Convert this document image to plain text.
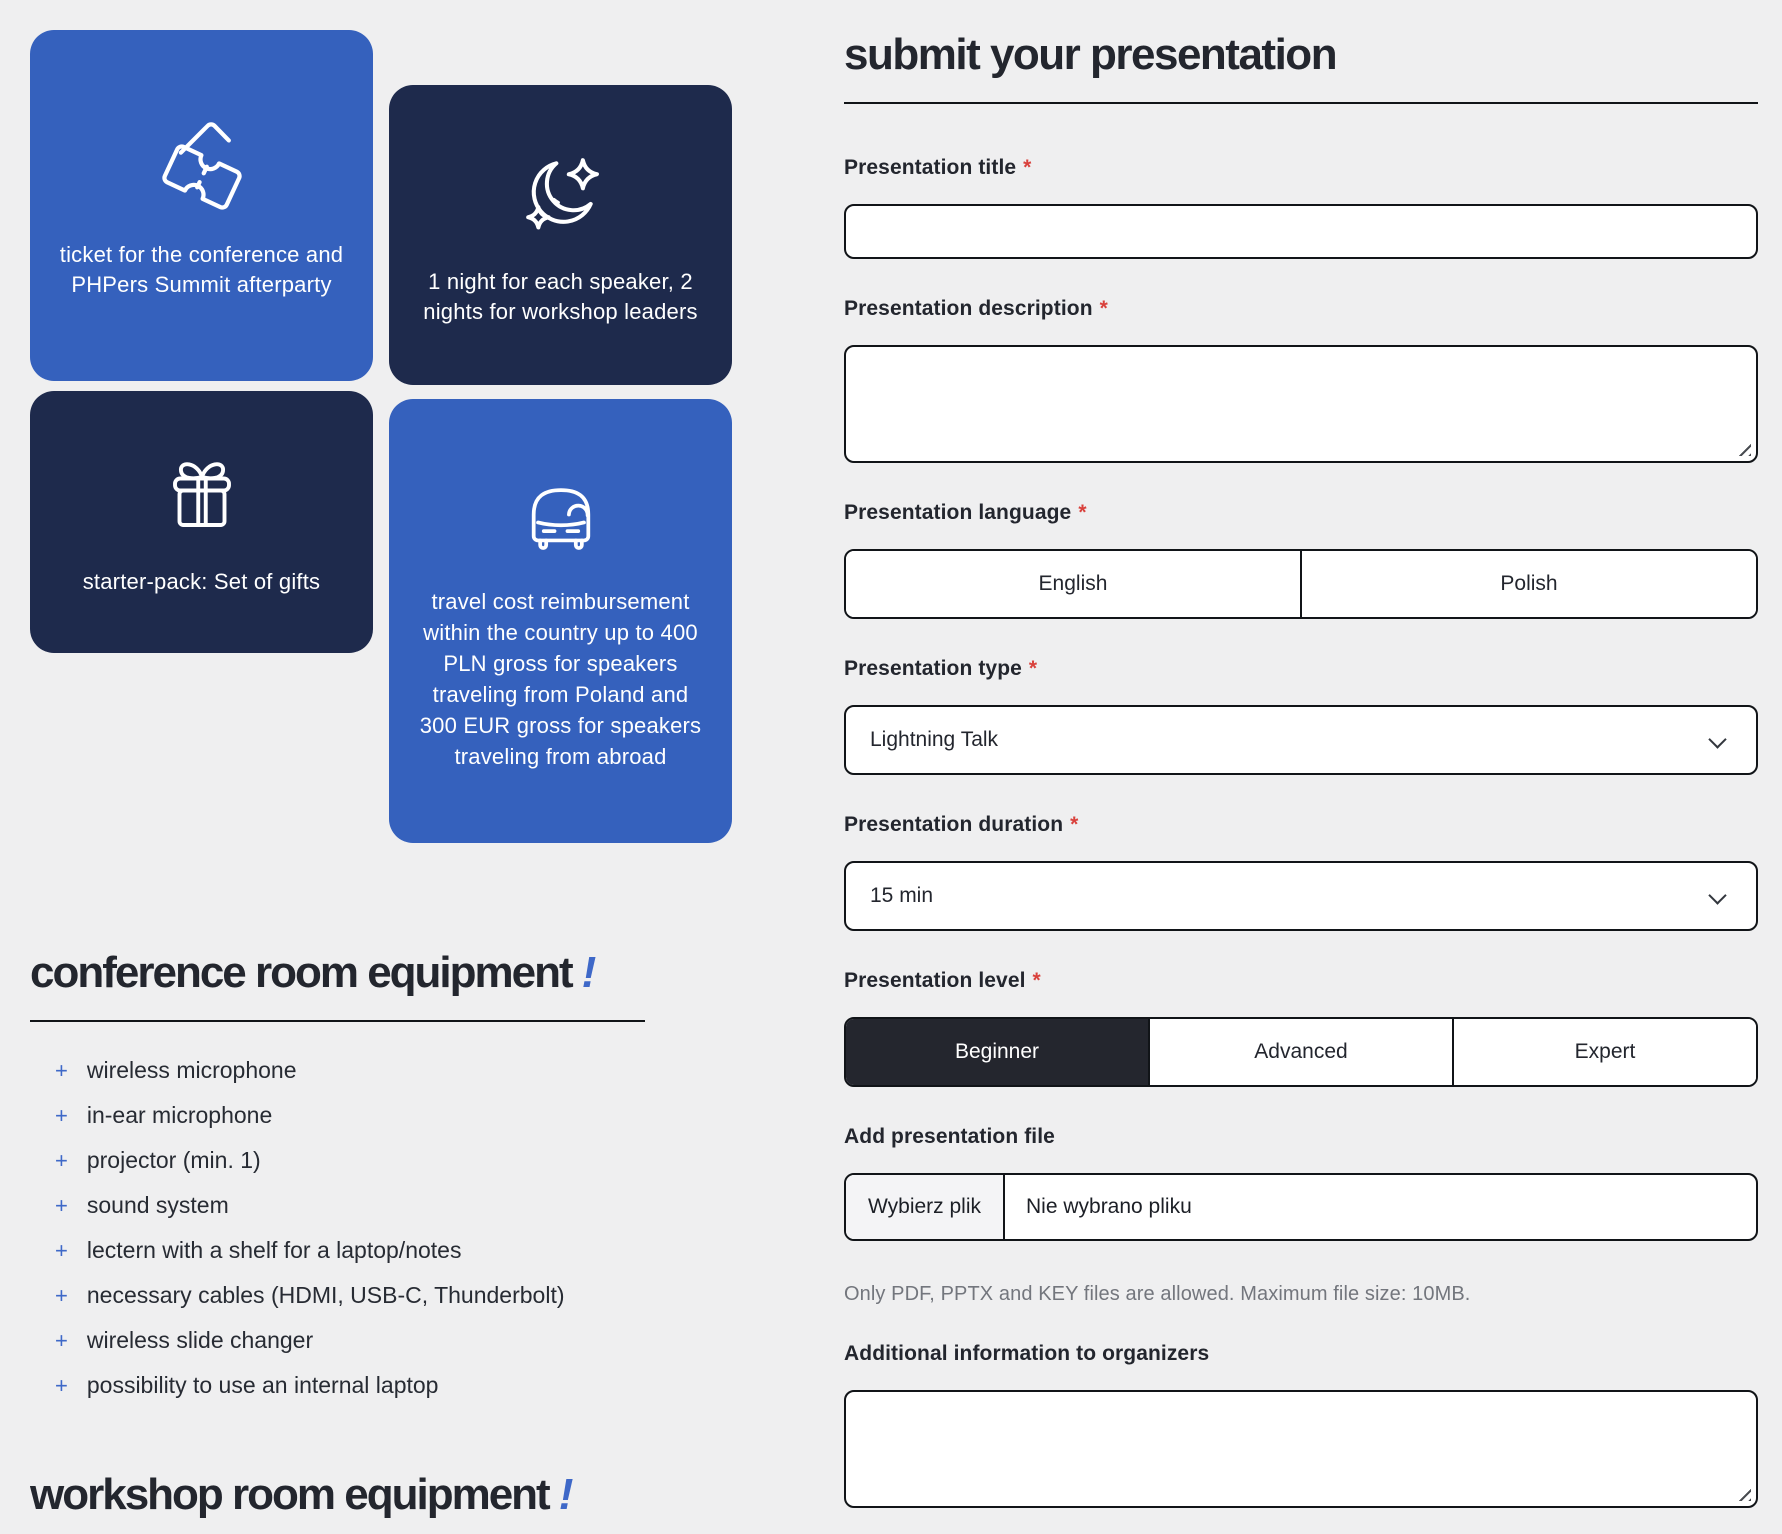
ticket for the conference and PHPers Summit afterparty

starter-pack: Set of gifts

1 night for each speaker, 2 nights for workshop leaders

travel cost reimbursement within the country up to 400 PLN gross for speakers traveling from Poland and 300 EUR gross for speakers traveling from abroad

conference room equipment !
+ wireless microphone
+ in-ear microphone
+ projector (min. 1)
+ sound system
+ lectern with a shelf for a laptop/notes
+ necessary cables (HDMI, USB-C, Thunderbolt)
+ wireless slide changer
+ possibility to use an internal laptop
workshop room equipment !
submit your presentation
Presentation title *
Presentation description *
Presentation language *
English	Polish
Presentation type *
Lightning Talk
Presentation duration *
15 min
Presentation level *
Beginner	Advanced	Expert
Add presentation file
Wybierz plik	Nie wybrano pliku

Only PDF, PPTX and KEY files are allowed. Maximum file size: 10MB.

Additional information to organizers
